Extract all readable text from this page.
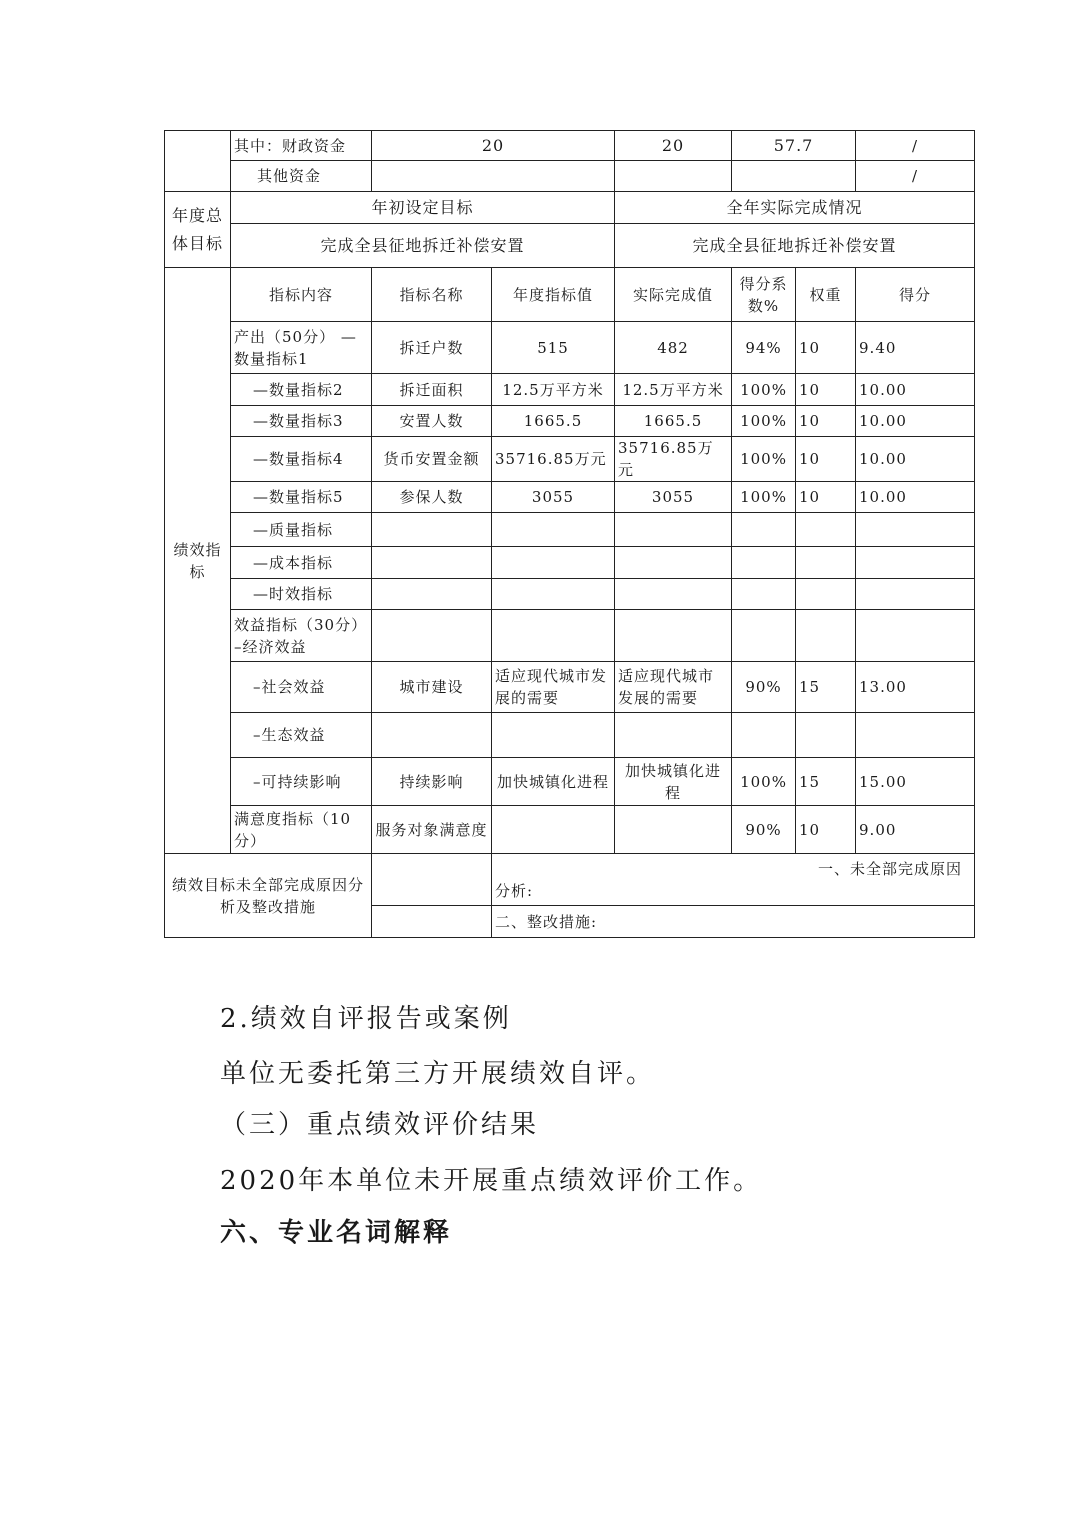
	其中：财政资金	20		20	57.7		/
	其他资金						/
年度总体目标	年初设定目标			全年实际完成情况			
	完成全县征地拆迁补偿安置			完成全县征地拆迁补偿安置			
绩效指标	指标内容	指标名称	年度指标值	实际完成值	得分系数%	权重	得分
	产出（50分） —数量指标1	拆迁户数	515	482	94%	10	9.40
	—数量指标2	拆迁面积	12.5万平方米	12.5万平方米	100%	10	10.00
	—数量指标3	安置人数	1665.5	1665.5	100%	10	10.00
	—数量指标4	货币安置金额	35716.85万元	35716.85万元	100%	10	10.00
	—数量指标5	参保人数	3055	3055	100%	10	10.00
	—质量指标						
	—成本指标						
	—时效指标						
	效益指标（30分） –经济效益						
	–社会效益	城市建设	适应现代城市发展的需要	适应现代城市发展的需要	90%	15	13.00
	–生态效益						
	–可持续影响	持续影响	加快城镇化进程	加快城镇化进程	100%	15	15.00
	满意度指标（10分）	服务对象满意度			90%	10	9.00
绩效目标未全部完成原因分析及整改措施			一、未全部完成原因
分析:				

			二、整改措施:				

2.绩效自评报告或案例

单位无委托第三方开展绩效自评。

（三）重点绩效评价结果

2020年本单位未开展重点绩效评价工作。

六、专业名词解释
